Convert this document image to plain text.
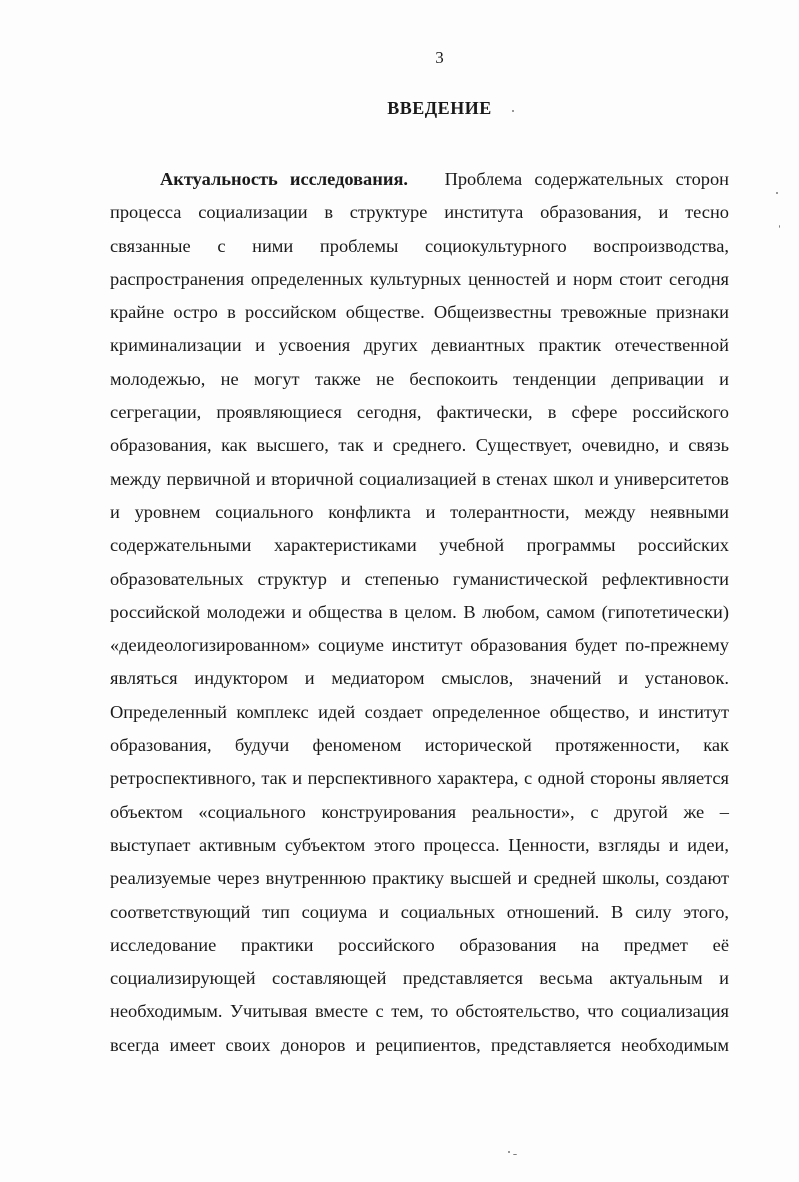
3
ВВЕДЕНИЕ
Актуальность исследования. Проблема содержательных сторон
процесса социализации в структуре института образования, и тесно
связанные с ними проблемы социокультурного воспроизводства,
распространения определенных культурных ценностей и норм стоит сегодня
крайне остро в российском обществе. Общеизвестны тревожные признаки
криминализации и усвоения других девиантных практик отечественной
молодежью, не могут также не беспокоить тенденции депривации и
сегрегации, проявляющиеся сегодня, фактически, в сфере российского
образования, как высшего, так и среднего. Существует, очевидно, и связь
между первичной и вторичной социализацией в стенах школ и университетов
и уровнем социального конфликта и толерантности, между неявными
содержательными характеристиками учебной программы российских
образовательных структур и степенью гуманистической рефлективности
российской молодежи и общества в целом. В любом, самом (гипотетически)
«деидеологизированном» социуме институт образования будет по-прежнему
являться индуктором и медиатором смыслов, значений и установок.
Определенный комплекс идей создает определенное общество, и институт
образования, будучи феноменом исторической протяженности, как
ретроспективного, так и перспективного характера, с одной стороны является
объектом «социального конструирования реальности», с другой же –
выступает активным субъектом этого процесса. Ценности, взгляды и идеи,
реализуемые через внутреннюю практику высшей и средней школы, создают
соответствующий тип социума и социальных отношений. В силу этого,
исследование практики российского образования на предмет её
социализирующей составляющей представляется весьма актуальным и
необходимым. Учитывая вместе с тем, то обстоятельство, что социализация
всегда имеет своих доноров и реципиентов, представляется необходимым
